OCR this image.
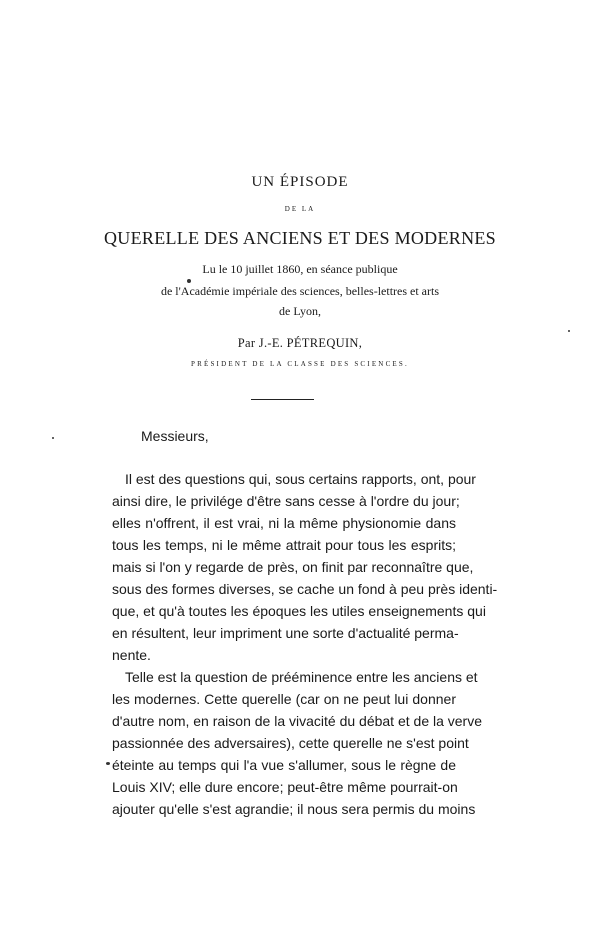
UN ÉPISODE
DE LA
QUERELLE DES ANCIENS ET DES MODERNES
Lu le 10 juillet 1860, en séance publique
de l'Académie impériale des sciences, belles-lettres et arts
de Lyon,
Par J.-E. PÉTREQUIN,
PRÉSIDENT DE LA CLASSE DES SCIENCES.
Messieurs,
Il est des questions qui, sous certains rapports, ont, pour
ainsi dire, le privilége d'être sans cesse à l'ordre du jour;
elles n'offrent, il est vrai, ni la même physionomie dans
tous les temps, ni le même attrait pour tous les esprits;
mais si l'on y regarde de près, on finit par reconnaître que,
sous des formes diverses, se cache un fond à peu près identi-
que, et qu'à toutes les époques les utiles enseignements qui
en résultent, leur impriment une sorte d'actualité perma-
nente.
Telle est la question de prééminence entre les anciens et
les modernes. Cette querelle (car on ne peut lui donner
d'autre nom, en raison de la vivacité du débat et de la verve
passionnée des adversaires), cette querelle ne s'est point
éteinte au temps qui l'a vue s'allumer, sous le règne de
Louis XIV; elle dure encore; peut-être même pourrait-on
ajouter qu'elle s'est agrandie; il nous sera permis du moins
